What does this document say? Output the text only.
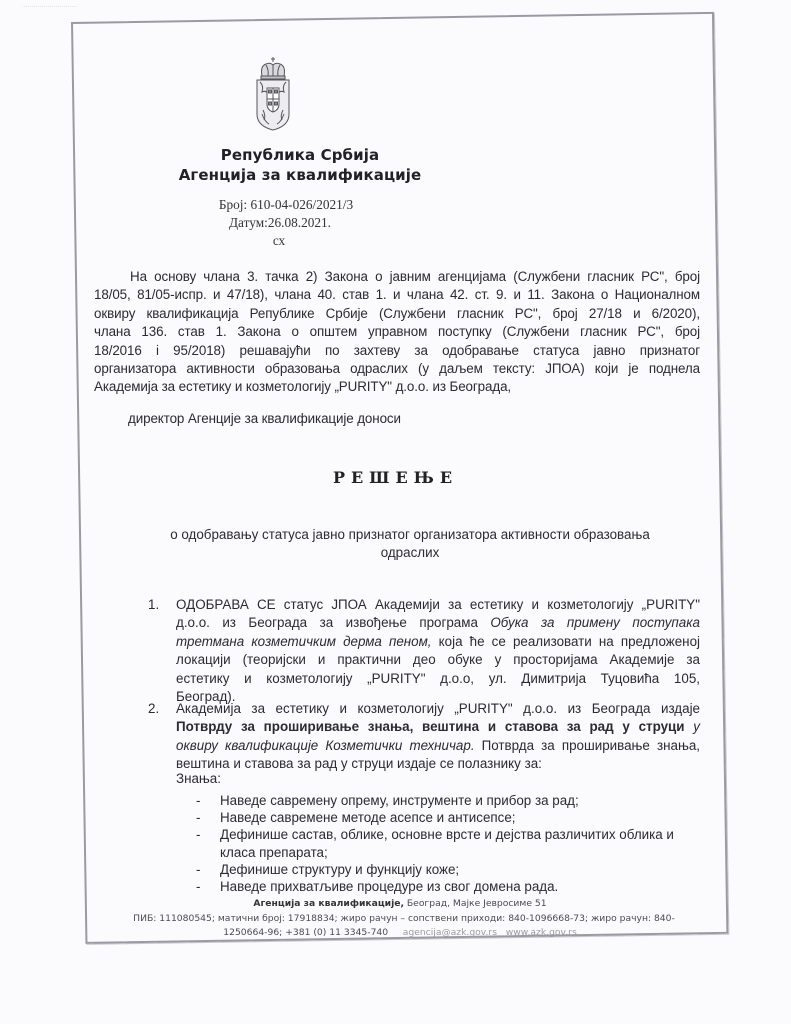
Република Србија
Агенција за квалификације
Број: 610-04-026/2021/3
Датум:26.08.2021.
сх
На основу члана 3. тачка 2) Закона о јавним агенцијама (Службени гласник РС", број
18/05, 81/05-испр. и 47/18), члана 40. став 1. и члана 42. ст. 9. и 11. Закона о Националном
оквиру квалификација Републике Србије (Службени гласник РС", број 27/18 и 6/2020),
члана 136. став 1. Закона о општем управном поступку (Службени гласник РС", број
18/2016 і 95/2018) решавајући по захтеву за одобравање статуса јавно признатог
организатора активности образовања одраслих (у даљем тексту: ЈПОА) који је поднела
Академија за естетику и козметологију „PURITY" д.о.о. из Београда,
директор Агенције за квалификације доноси
РЕШЕЊЕ
о одобравању статуса јавно признатог организатора активности образовања
одраслих
1. ОДОБРАВА СЕ статус ЈПОА Академији за естетику и козметологију „PURITY"
д.о.о. из Београда за извођење програма Обука за примену поступака
третмана козметичким дерма пеном, која ће се реализовати на предложеној
локацији (теоријски и практични део обуке у просторијама Академије за
естетику и козметологију „PURITY" д.о.о, ул. Димитрија Туцовића 105,
Београд).
2. Академија за естетику и козметологију „PURITY" д.о.о. из Београда издаје
Потврду за проширивање знања, вештина и ставова за рад у струци у
оквиру квалификације Козметички техничар. Потврда за проширивање знања,
вештина и ставова за рад у струци издаје се полазнику за:
Знања:
-	Наведе савремену опрему, инструменте и прибор за рад;
-	Наведе савремене методе асепсе и антисепсе;
-	Дефинише састав, облике, основне врсте и дејства различитих облика и
класа препарата;
-	Дефинише структуру и функцију коже;
-	Наведе прихватљиве процедуре из свог домена рада.
Агенција за квалификације, Београд, Мајке Јевросиме 51
ПИБ: 111080545; матични број: 17918834; жиро рачун – сопствени приходи: 840-1096668-73; жиро рачун: 840-
1250664-96; +381 (0) 11 3345-740 agencija@azk.gov.rs www.azk.gov.rs
